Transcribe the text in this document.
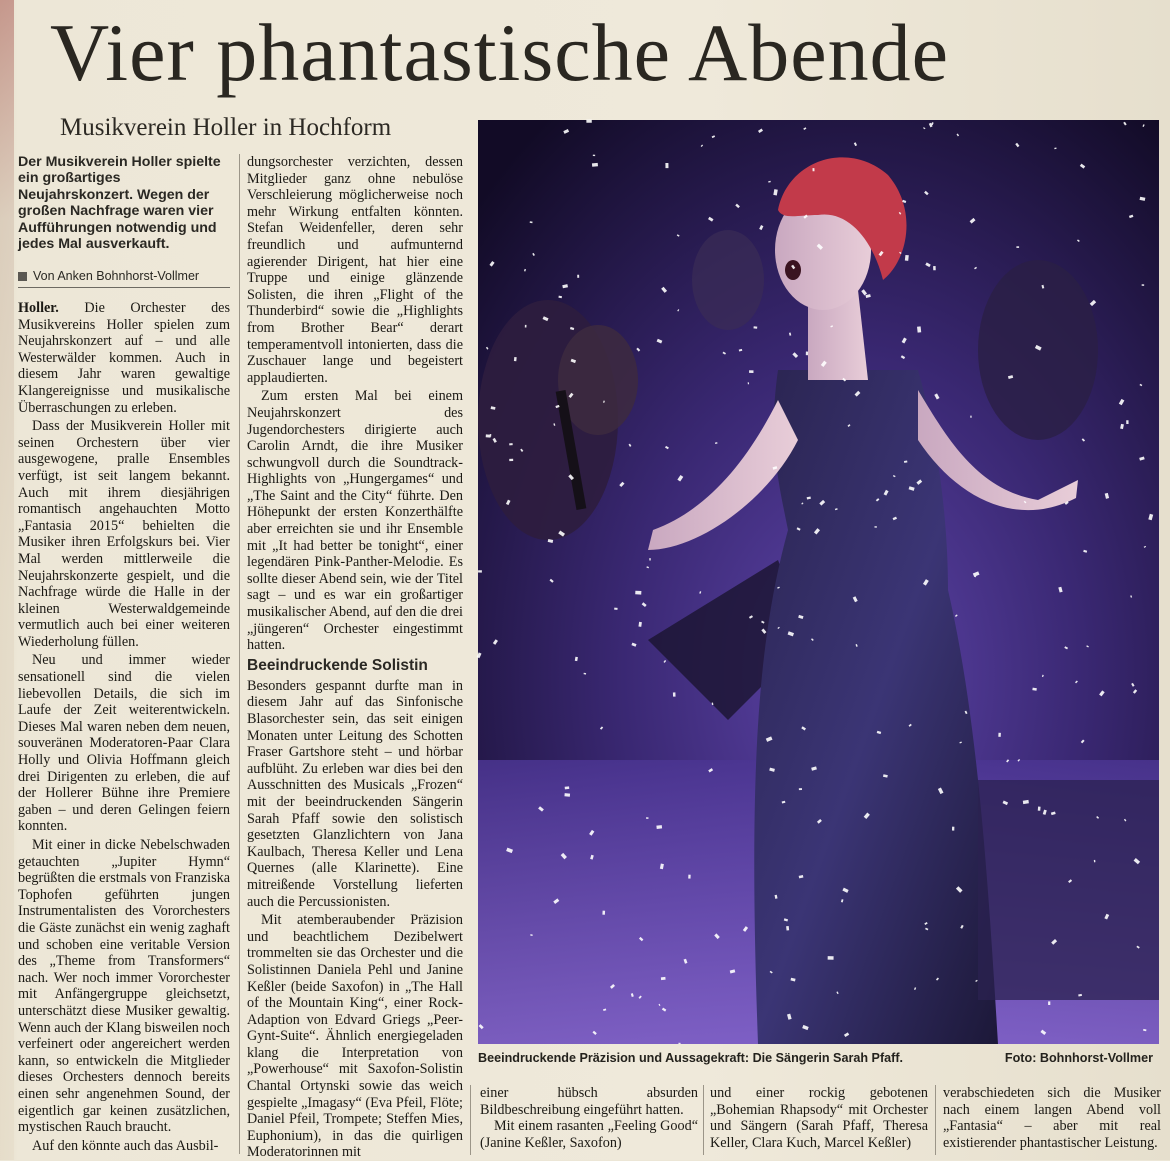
Vier phantastische Abende
Musikverein Holler in Hochform
Der Musikverein Holler spielte ein großartiges Neujahrskonzert. Wegen der großen Nachfrage waren vier Aufführungen notwendig und jedes Mal ausverkauft.
Von Anken Bohnhorst-Vollmer

Holler. Die Orchester des Musikvereins Holler spielen zum Neujahrskonzert auf – und alle Westerwälder kommen. Auch in diesem Jahr waren gewaltige Klangereignisse und musikalische Überraschungen zu erleben.

Dass der Musikverein Holler mit seinen Orchestern über vier ausgewogene, pralle Ensembles verfügt, ist seit langem bekannt. Auch mit ihrem diesjährigen romantisch angehauchten Motto „Fantasia 2015“ behielten die Musiker ihren Erfolgskurs bei. Vier Mal werden mittlerweile die Neujahrskonzerte gespielt, und die Nachfrage würde die Halle in der kleinen Westerwaldgemeinde vermutlich auch bei einer weiteren Wiederholung füllen.

Neu und immer wieder sensationell sind die vielen liebevollen Details, die sich im Laufe der Zeit weiterentwickeln. Dieses Mal waren neben dem neuen, souveränen Moderatoren-Paar Clara Holly und Olivia Hoffmann gleich drei Dirigenten zu erleben, die auf der Hollerer Bühne ihre Premiere gaben – und deren Gelingen feiern konnten.

Mit einer in dicke Nebelschwaden getauchten „Jupiter Hymn“ begrüßten die erstmals von Franziska Tophofen geführten jungen Instrumentalisten des Vororchesters die Gäste zunächst ein wenig zaghaft und schoben eine veritable Version des „Theme from Transformers“ nach. Wer noch immer Vororchester mit Anfängergruppe gleichsetzt, unterschätzt diese Musiker gewaltig. Wenn auch der Klang bisweilen noch verfeinert oder angereichert werden kann, so entwickeln die Mitglieder dieses Orchesters dennoch bereits einen sehr angenehmen Sound, der eigentlich gar keinen zusätzlichen, mystischen Rauch braucht.

Auf den könnte auch das Ausbil-

dungsorchester verzichten, dessen Mitglieder ganz ohne nebulöse Verschleierung möglicherweise noch mehr Wirkung entfalten könnten. Stefan Weidenfeller, deren sehr freundlich und aufmunternd agierender Dirigent, hat hier eine Truppe und einige glänzende Solisten, die ihren „Flight of the Thunderbird“ sowie die „Highlights from Brother Bear“ derart temperamentvoll intonierten, dass die Zuschauer lange und begeistert applaudierten.

Zum ersten Mal bei einem Neujahrskonzert des Jugendorchesters dirigierte auch Carolin Arndt, die ihre Musiker schwungvoll durch die Soundtrack-Highlights von „Hungergames“ und „The Saint and the City“ führte. Den Höhepunkt der ersten Konzerthälfte aber erreichten sie und ihr Ensemble mit „It had better be tonight“, einer legendären Pink-Panther-Melodie. Es sollte dieser Abend sein, wie der Titel sagt – und es war ein großartiger musikalischer Abend, auf den die drei „jüngeren“ Orchester eingestimmt hatten.

Beeindruckende Solistin

Besonders gespannt durfte man in diesem Jahr auf das Sinfonische Blasorchester sein, das seit einigen Monaten unter Leitung des Schotten Fraser Gartshore steht – und hörbar aufblüht. Zu erleben war dies bei den Ausschnitten des Musicals „Frozen“ mit der beeindruckenden Sängerin Sarah Pfaff sowie den solistisch gesetzten Glanzlichtern von Jana Kaulbach, Theresa Keller und Lena Quernes (alle Klarinette). Eine mitreißende Vorstellung lieferten auch die Percussionisten.

Mit atemberaubender Präzision und beachtlichem Dezibelwert trommelten sie das Orchester und die Solistinnen Daniela Pehl und Janine Keßler (beide Saxofon) in „The Hall of the Mountain King“, einer Rock-Adaption von Edvard Griegs „Peer-Gynt-Suite“. Ähnlich energiegeladen klang die Interpretation von „Powerhouse“ mit Saxofon-Solistin Chantal Ortynski sowie das weich gespielte „Imagasy“ (Eva Pfeil, Flöte; Daniel Pfeil, Trompete; Steffen Mies, Euphonium), in das die quirligen Moderatorinnen mit

Beeindruckende Präzision und Aussagekraft: Die Sängerin Sarah Pfaff.	Foto: Bohnhorst-Vollmer

einer hübsch absurden Bildbeschreibung eingeführt hatten.

Mit einem rasanten „Feeling Good“ (Janine Keßler, Saxofon)

und einer rockig gebotenen „Bohemian Rhapsody“ mit Orchester und Sängern (Sarah Pfaff, Theresa Keller, Clara Kuch, Marcel Keßler)

verabschiedeten sich die Musiker nach einem langen Abend voll „Fantasia“ – aber mit real existierender phantastischer Leistung.
